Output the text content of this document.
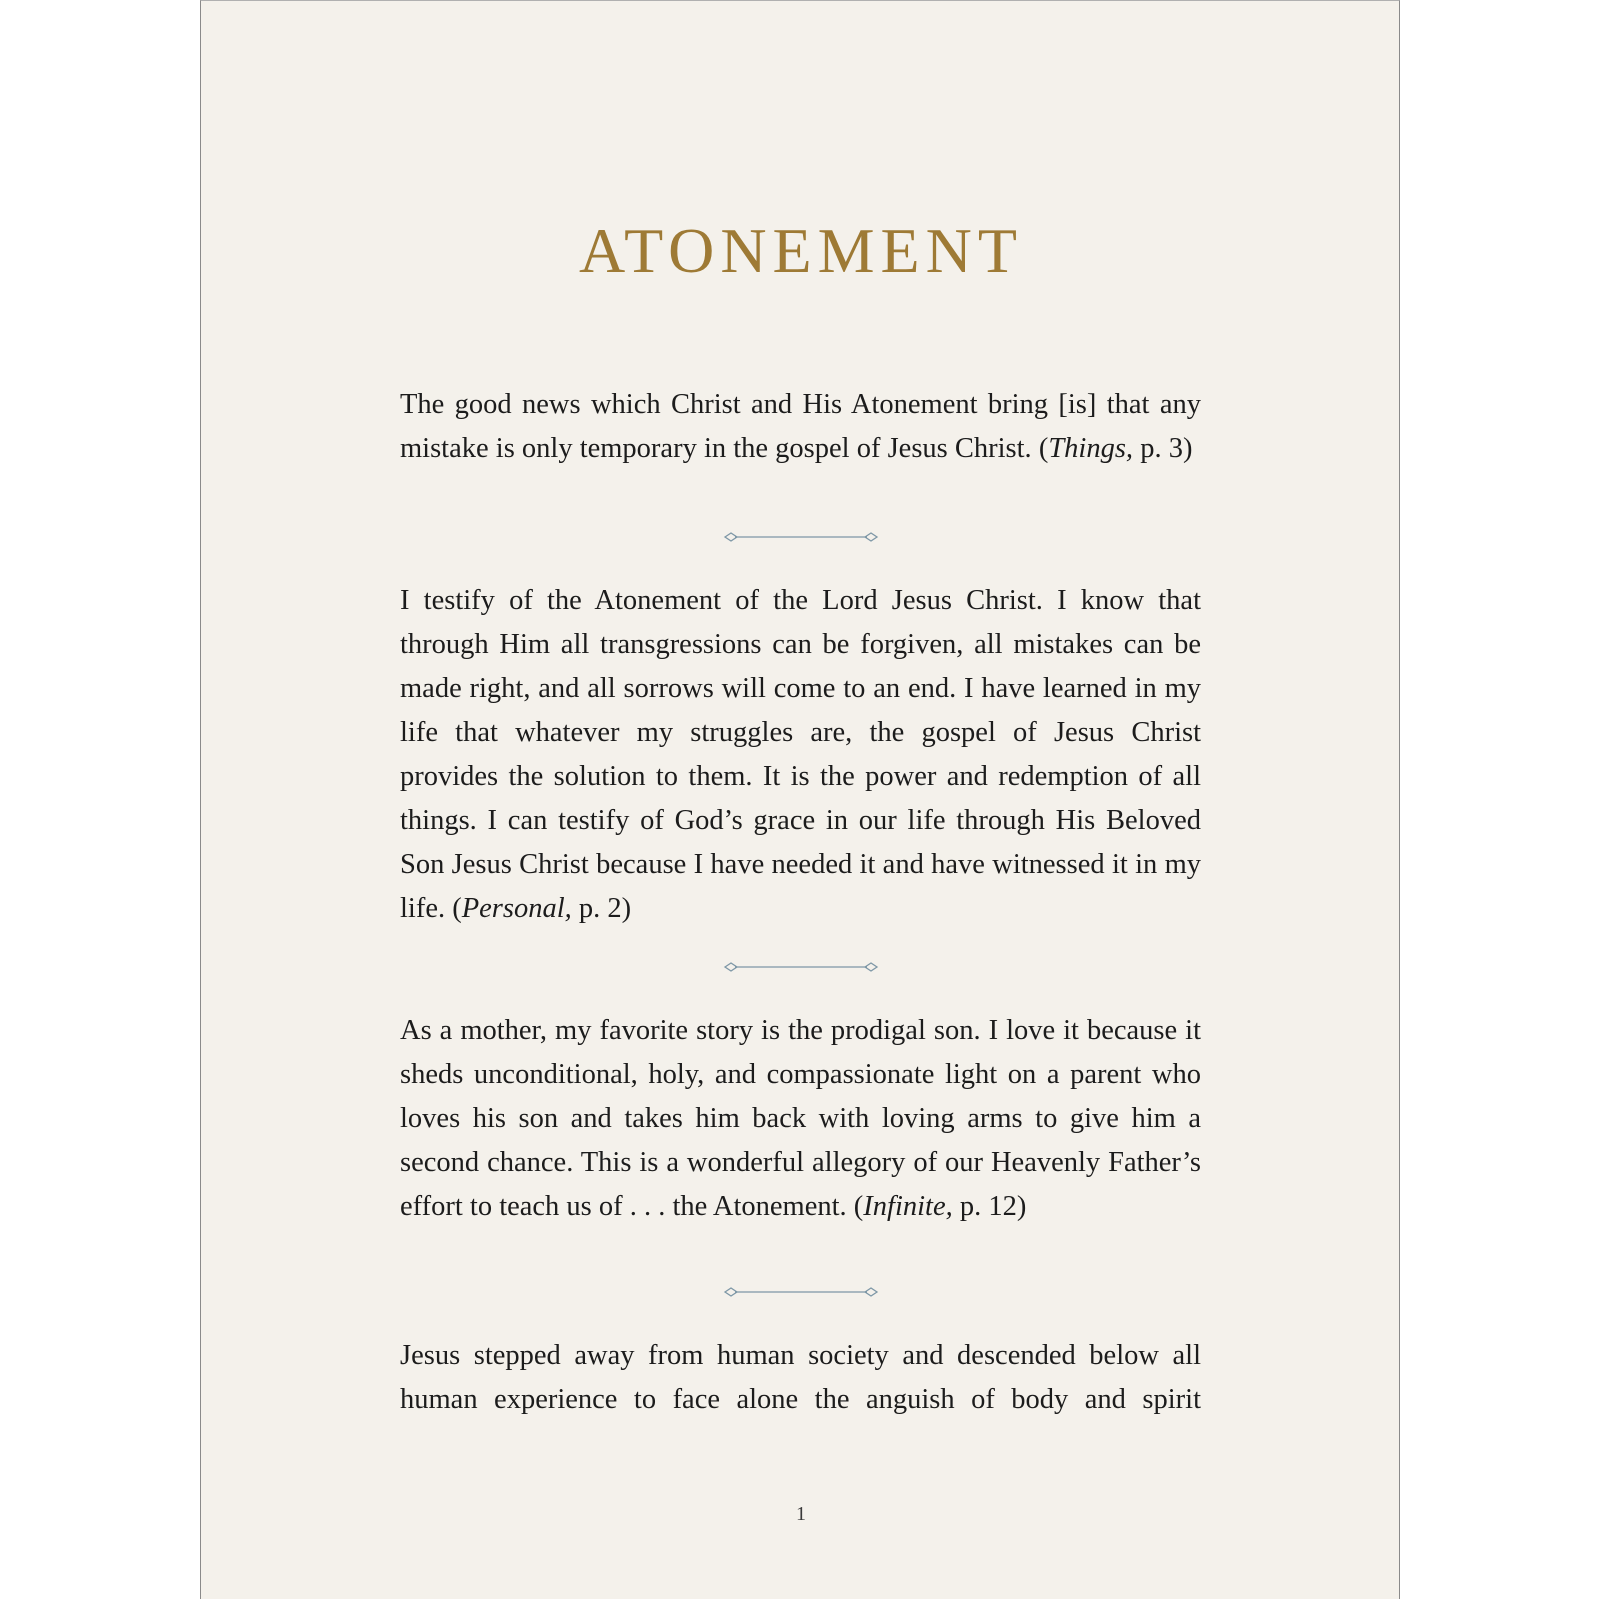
ATONEMENT
The good news which Christ and His Atonement bring [is] that any mistake is only temporary in the gospel of Jesus Christ. (Things, p. 3)
I testify of the Atonement of the Lord Jesus Christ. I know that through Him all transgressions can be forgiven, all mistakes can be made right, and all sorrows will come to an end. I have learned in my life that whatever my struggles are, the gospel of Jesus Christ provides the solution to them. It is the power and redemption of all things. I can testify of God’s grace in our life through His Beloved Son Jesus Christ because I have needed it and have witnessed it in my life. (Personal, p. 2)
As a mother, my favorite story is the prodigal son. I love it because it sheds unconditional, holy, and compassionate light on a parent who loves his son and takes him back with loving arms to give him a second chance. This is a wonderful allegory of our Heavenly Father’s effort to teach us of . . . the Atonement. (Infinite, p. 12)
Jesus stepped away from human society and descended below all human experience to face alone the anguish of body and spirit
1
